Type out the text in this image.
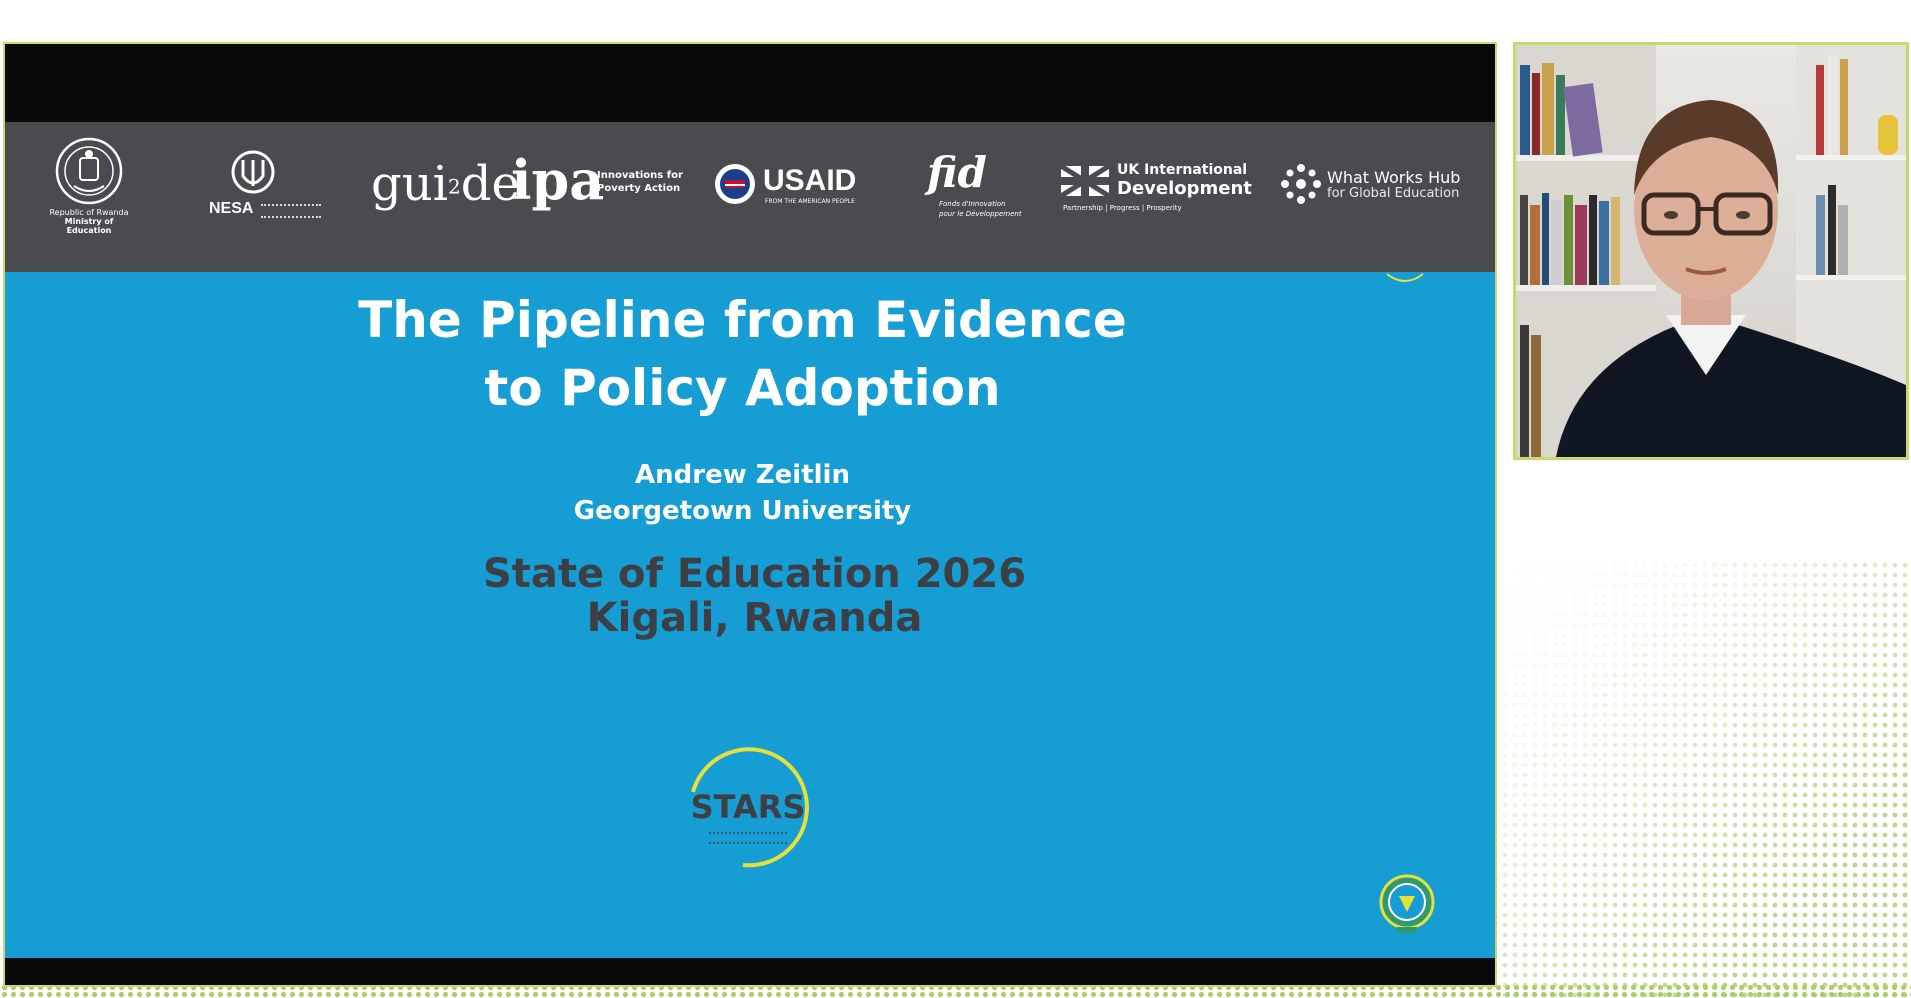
Republic of Rwanda
Ministry of Education
NESA gui$^2$de
ipa
Innovations for
Poverty Action	USAID
FROM THE AMERICAN PEOPLE
fid
Fonds d'Innovation
pour le Développement
UK International
Development
Partnership | Progress | Prosperity
What Works Hub
for Global Education
The Pipeline from Evidence
to Policy Adoption
Andrew Zeitlin
Georgetown University
State of Education 2026
Kigali, Rwanda
STARS
